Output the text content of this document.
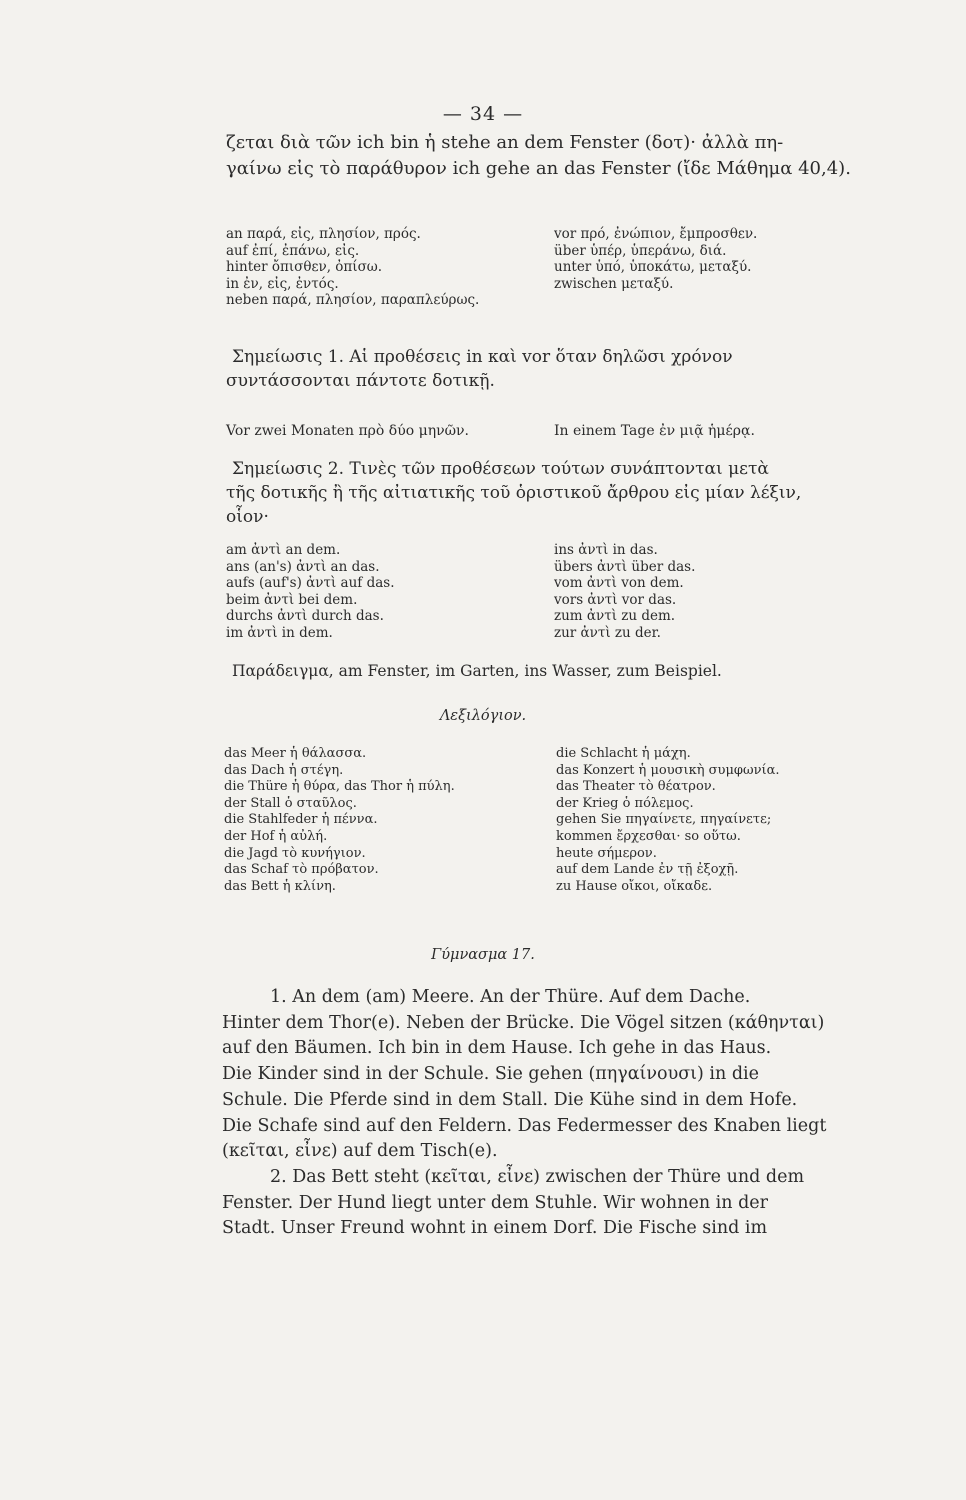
— 34 —
ζεται διὰ τῶν ich bin ἡ stehe an dem Fenster (δοτ)· ἀλλὰ πη-
γαίνω εἰς τὸ παράθυρον ich gehe an das Fenster (ἴδε Μάθημα 40,4).
an παρά, εἰς, πλησίον, πρός.
auf ἐπί, ἐπάνω, εἰς.
hinter ὄπισθεν, ὀπίσω.
in ἐν, εἰς, ἐντός.
neben παρά, πλησίον, παραπλεύρως.
vor πρό, ἐνώπιον, ἔμπροσθεν.
über ὑπέρ, ὑπεράνω, διά.
unter ὑπό, ὑποκάτω, μεταξύ.
zwischen μεταξύ.
Σημείωσις 1. Αἱ προθέσεις in καὶ vor ὅταν δηλῶσι χρόνον
συντάσσονται πάντοτε δοτικῇ.
Vor zwei Monaten πρὸ δύο μηνῶν.	In einem Tage ἐν μιᾷ ἡμέρᾳ.
Σημείωσις 2. Τινὲς τῶν προθέσεων τούτων συνάπτονται μετὰ
τῆς δοτικῆς ἢ τῆς αἰτιατικῆς τοῦ ὁριστικοῦ ἄρθρου εἰς μίαν λέξιν,
οἷον·
am ἀντὶ an dem.
ans (an's) ἀντὶ an das.
aufs (auf's) ἀντὶ auf das.
beim ἀντὶ bei dem.
durchs ἀντὶ durch das.
im ἀντὶ in dem.
ins ἀντὶ in das.
übers ἀντὶ über das.
vom ἀντὶ von dem.
vors ἀντὶ vor das.
zum ἀντὶ zu dem.
zur ἀντὶ zu der.
Παράδειγμα, am Fenster, im Garten, ins Wasser, zum Beispiel.
Λεξιλόγιον.
das Meer ἡ θάλασσα.
das Dach ἡ στέγη.
die Thüre ἡ θύρα, das Thor ἡ πύλη.
der Stall ὁ σταῦλος.
die Stahlfeder ἡ πέννα.
der Hof ἡ αὐλή.
die Jagd τὸ κυνήγιον.
das Schaf τὸ πρόβατον.
das Bett ἡ κλίνη.
die Schlacht ἡ μάχη.
das Konzert ἡ μουσικὴ συμφωνία.
das Theater τὸ θέατρον.
der Krieg ὁ πόλεμος.
gehen Sie πηγαίνετε, πηγαίνετε;
kommen ἔρχεσθαι· so οὕτω.
heute σήμερον.
auf dem Lande ἐν τῇ ἐξοχῇ.
zu Hause οἴκοι, οἴκαδε.
Γύμνασμα 17.
1. An dem (am) Meere. An der Thüre. Auf dem Dache.
Hinter dem Thor(e). Neben der Brücke. Die Vögel sitzen (κάθηνται)
auf den Bäumen. Ich bin in dem Hause. Ich gehe in das Haus.
Die Kinder sind in der Schule. Sie gehen (πηγαίνουσι) in die
Schule. Die Pferde sind in dem Stall. Die Kühe sind in dem Hofe.
Die Schafe sind auf den Feldern. Das Federmesser des Knaben liegt
(κεῖται, εἶνε) auf dem Tisch(e).
2. Das Bett steht (κεῖται, εἶνε) zwischen der Thüre und dem
Fenster. Der Hund liegt unter dem Stuhle. Wir wohnen in der
Stadt. Unser Freund wohnt in einem Dorf. Die Fische sind im
